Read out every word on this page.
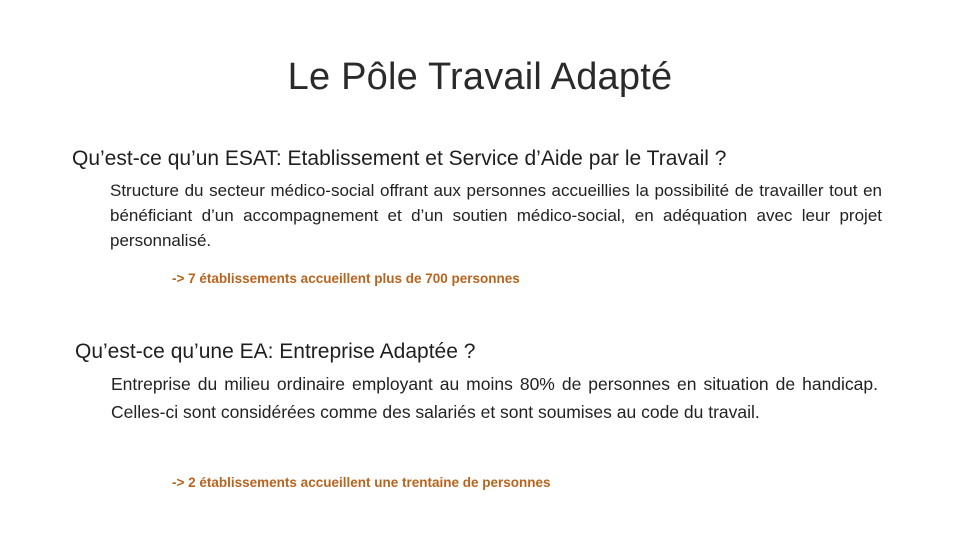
Le Pôle Travail Adapté
Qu’est-ce qu’un ESAT: Etablissement et Service d’Aide par le Travail ?
Structure du secteur médico-social offrant aux personnes accueillies la possibilité de travailler tout en bénéficiant d’un accompagnement et d’un soutien médico-social, en adéquation avec leur projet personnalisé.
-> 7 établissements accueillent plus de 700 personnes
Qu’est-ce qu’une EA: Entreprise Adaptée ?
Entreprise du milieu ordinaire employant au moins 80% de personnes en situation de handicap. Celles-ci sont considérées comme des salariés et sont soumises au code du travail.
-> 2 établissements accueillent une trentaine de personnes
